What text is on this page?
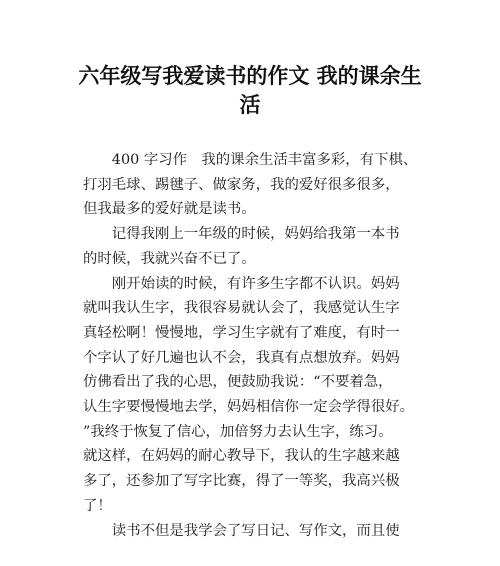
六年级写我爱读书的作文 我的课余生
活
400 字习作　我的课余生活丰富多彩，有下棋、
打羽毛球、踢毽子、做家务，我的爱好很多很多，
但我最多的爱好就是读书。
记得我刚上一年级的时候，妈妈给我第一本书
的时候，我就兴奋不已了。
刚开始读的时候，有许多生字都不认识。妈妈
就叫我认生字，我很容易就认会了，我感觉认生字
真轻松啊！慢慢地，学习生字就有了难度，有时一
个字认了好几遍也认不会，我真有点想放弃。妈妈
仿佛看出了我的心思，便鼓励我说：“不要着急，
认生字要慢慢地去学，妈妈相信你一定会学得很好。
”我终于恢复了信心，加倍努力去认生字，练习。
就这样，在妈妈的耐心教导下，我认的生字越来越
多了，还参加了写字比赛，得了一等奖，我高兴极
了！
读书不但是我学会了写日记、写作文，而且使
